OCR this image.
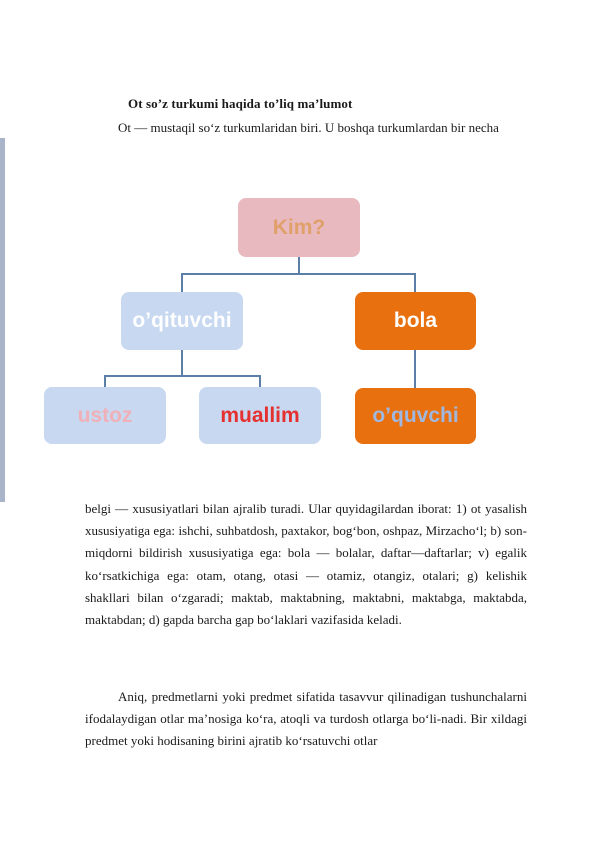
Ot so’z turkumi haqida to’liq ma’lumot
Ot — mustaqil so‘z turkumlaridan biri. U boshqa turkumlardan bir necha
Kim?
o’qituvchi	bola
ustoz	muallim	o’quvchi
belgi — xususiyatlari bilan ajralib turadi. Ular quyidagilardan iborat: 1) ot yasalish xususiyatiga ega: ishchi, suhbatdosh, paxtakor, bog‘bon, oshpaz, Mirzacho‘l; b) son-miqdorni bildirish xususiyatiga ega: bola — bolalar, daftar—daftarlar; v) egalik ko‘rsatkichiga ega: otam, otang, otasi — otamiz, otangiz, otalari; g) kelishik shakllari bilan o‘zgaradi; maktab, maktabning, maktabni, maktabga, maktabda, maktabdan; d) gapda barcha gap bo‘laklari vazifasida keladi.
Aniq, predmetlarni yoki predmet sifatida tasavvur qilinadigan tushunchalarni ifodalaydigan otlar ma’nosiga ko‘ra, atoqli va turdosh otlarga bo‘li-nadi. Bir xildagi predmet yoki hodisaning birini ajratib ko‘rsatuvchi otlar
